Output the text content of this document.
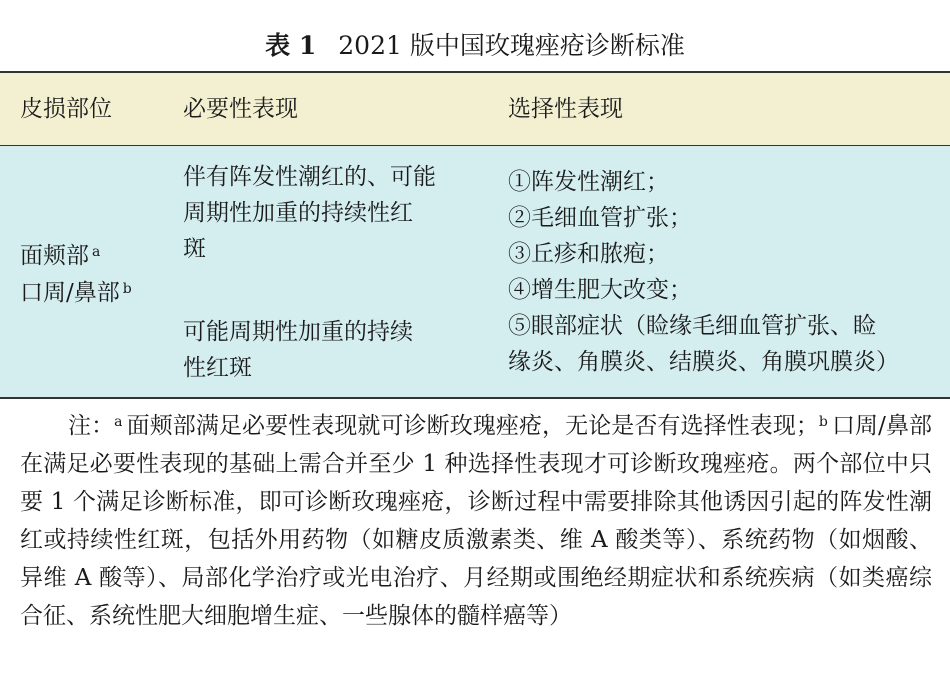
表 1 2021 版中国玫瑰痤疮诊断标准
皮损部位	必要性表现	选择性表现
面颊部 $^a$
口周/鼻部 $^b$
伴有阵发性潮红的、可能
周期性加重的持续性红
斑
可能周期性加重的持续
性红斑
①阵发性潮红；
②毛细血管扩张；
③丘疹和脓疱；
④增生肥大改变；
⑤眼部症状（睑缘毛细血管扩张、睑
缘炎、角膜炎、结膜炎、角膜巩膜炎）
注：$^a$ 面颊部满足必要性表现就可诊断玫瑰痤疮，无论是否有选择性表现；$^b$ 口周/鼻部在满足必要性表现的基础上需合并至少 1 种选择性表现才可诊断玫瑰痤疮。两个部位中只要 1 个满足诊断标准，即可诊断玫瑰痤疮，诊断过程中需要排除其他诱因引起的阵发性潮红或持续性红斑，包括外用药物（如糖皮质激素类、维 A 酸类等）、系统药物（如烟酸、异维 A 酸等）、局部化学治疗或光电治疗、月经期或围绝经期症状和系统疾病（如类癌综合征、系统性肥大细胞增生症、一些腺体的髓样癌等）
